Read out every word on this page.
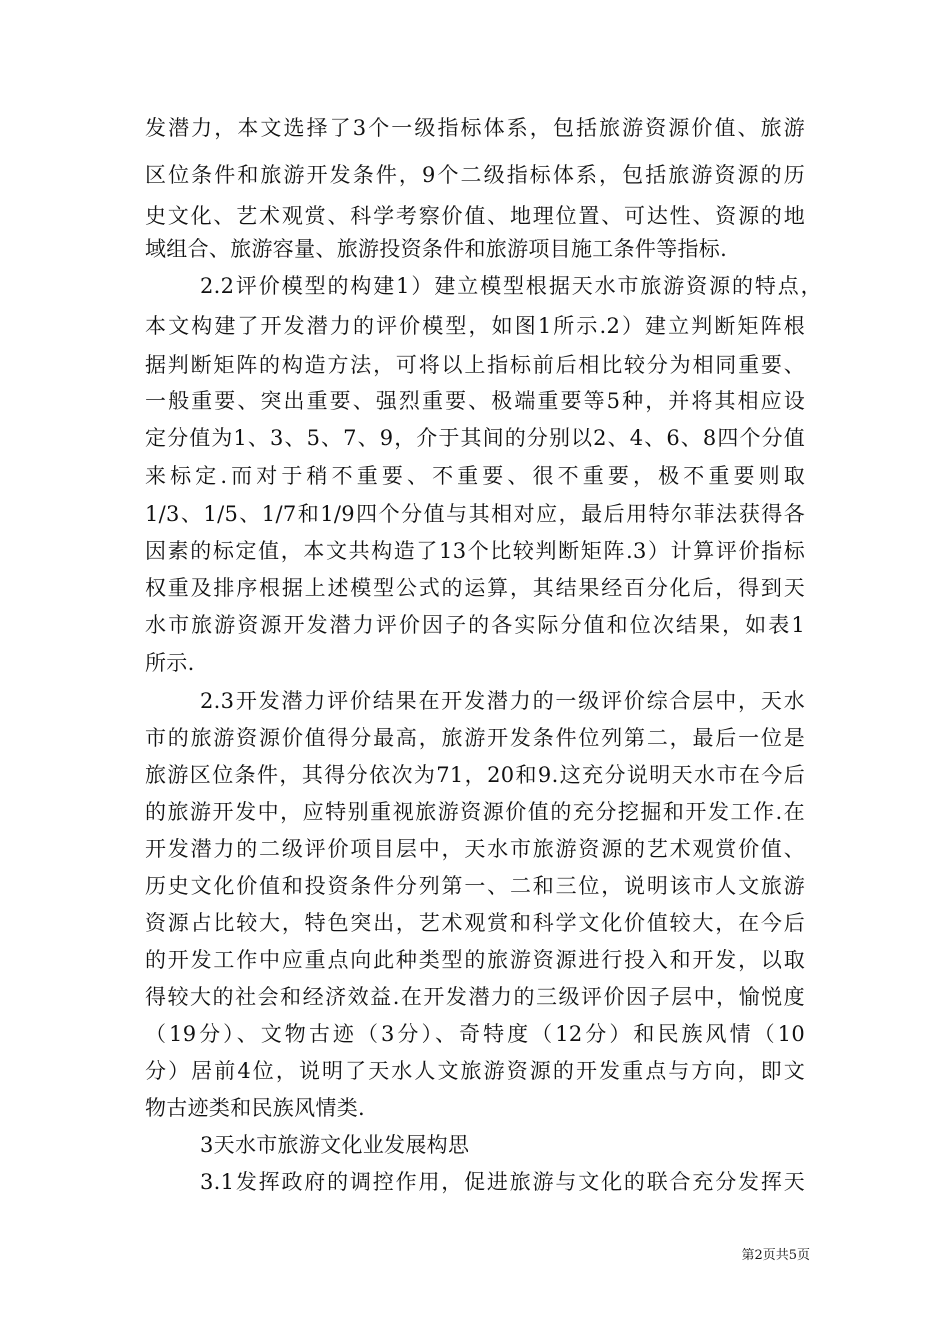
发潜力，本文选择了3个一级指标体系，包括旅游资源价值、旅游
区位条件和旅游开发条件，9个二级指标体系，包括旅游资源的历
史文化、艺术观赏、科学考察价值、地理位置、可达性、资源的地
域组合、旅游容量、旅游投资条件和旅游项目施工条件等指标.
2.2评价模型的构建1）建立模型根据天水市旅游资源的特点，
本文构建了开发潜力的评价模型，如图1所示.2）建立判断矩阵根
据判断矩阵的构造方法，可将以上指标前后相比较分为相同重要、
一般重要、突出重要、强烈重要、极端重要等5种，并将其相应设
定分值为1、3、5、7、9，介于其间的分别以2、4、6、8四个分值
来标定.而对于稍不重要、不重要、很不重要，极不重要则取
1/3、1/5、1/7和1/9四个分值与其相对应，最后用特尔菲法获得各
因素的标定值，本文共构造了13个比较判断矩阵.3）计算评价指标
权重及排序根据上述模型公式的运算，其结果经百分化后，得到天
水市旅游资源开发潜力评价因子的各实际分值和位次结果，如表1
所示.
2.3开发潜力评价结果在开发潜力的一级评价综合层中，天水
市的旅游资源价值得分最高，旅游开发条件位列第二，最后一位是
旅游区位条件，其得分依次为71，20和9.这充分说明天水市在今后
的旅游开发中，应特别重视旅游资源价值的充分挖掘和开发工作.在
开发潜力的二级评价项目层中，天水市旅游资源的艺术观赏价值、
历史文化价值和投资条件分列第一、二和三位，说明该市人文旅游
资源占比较大，特色突出，艺术观赏和科学文化价值较大，在今后
的开发工作中应重点向此种类型的旅游资源进行投入和开发，以取
得较大的社会和经济效益.在开发潜力的三级评价因子层中，愉悦度
（19分）、文物古迹（3分）、奇特度（12分）和民族风情（10
分）居前4位，说明了天水人文旅游资源的开发重点与方向，即文
物古迹类和民族风情类.
3天水市旅游文化业发展构思
3.1发挥政府的调控作用，促进旅游与文化的联合充分发挥天
第2页共5页
